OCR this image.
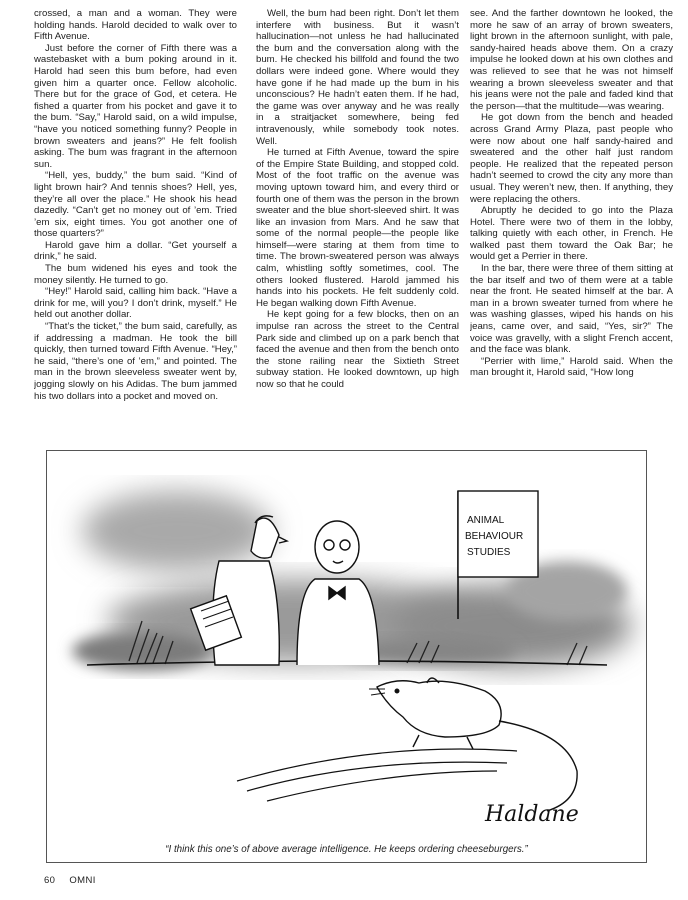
crossed, a man and a woman. They were holding hands. Harold decided to walk over to Fifth Avenue.

Just before the corner of Fifth there was a wastebasket with a bum poking around in it. Harold had seen this bum before, had even given him a quarter once. Fellow alcoholic. There but for the grace of God, et cetera. He fished a quarter from his pocket and gave it to the bum. “Say,” Harold said, on a wild impulse, “have you noticed something funny? People in brown sweaters and jeans?” He felt foolish asking. The bum was fragrant in the afternoon sun.

“Hell, yes, buddy,” the bum said. “Kind of light brown hair? And tennis shoes? Hell, yes, they’re all over the place.” He shook his head dazedly. “Can’t get no money out of ’em. Tried ’em six, eight times. You got another one of those quarters?”

Harold gave him a dollar. “Get yourself a drink,” he said.

The bum widened his eyes and took the money silently. He turned to go.

“Hey!” Harold said, calling him back. “Have a drink for me, will you? I don’t drink, myself.” He held out another dollar.

“That’s the ticket,” the bum said, carefully, as if addressing a madman. He took the bill quickly, then turned toward Fifth Avenue. “Hey,” he said, “there’s one of ’em,” and pointed. The man in the brown sleeveless sweater went by, jogging slowly on his Adidas. The bum jammed his two dollars into a pocket and moved on.

Well, the bum had been right. Don’t let them interfere with business. But it wasn’t hallucination—not unless he had hallucinated the bum and the conversation along with the bum. He checked his billfold and found the two dollars were indeed gone. Where would they have gone if he had made up the bum in his unconscious? He hadn’t eaten them. If he had, the game was over anyway and he was really in a straitjacket somewhere, being fed intravenously, while somebody took notes. Well.

He turned at Fifth Avenue, toward the spire of the Empire State Building, and stopped cold. Most of the foot traffic on the avenue was moving uptown toward him, and every third or fourth one of them was the person in the brown sweater and the blue short-sleeved shirt. It was like an invasion from Mars. And he saw that some of the normal people—the people like himself—were staring at them from time to time. The brown-sweatered person was always calm, whistling softly sometimes, cool. The others looked flustered. Harold jammed his hands into his pockets. He felt suddenly cold. He began walking down Fifth Avenue.

He kept going for a few blocks, then on an impulse ran across the street to the Central Park side and climbed up on a park bench that faced the avenue and then from the bench onto the stone railing near the Sixtieth Street subway station. He looked downtown, up high now so that he could

see. And the farther downtown he looked, the more he saw of an array of brown sweaters, light brown in the afternoon sunlight, with pale, sandy-haired heads above them. On a crazy impulse he looked down at his own clothes and was relieved to see that he was not himself wearing a brown sleeveless sweater and that his jeans were not the pale and faded kind that the person—that the multitude—was wearing.

He got down from the bench and headed across Grand Army Plaza, past people who were now about one half sandy-haired and sweatered and the other half just random people. He realized that the repeated person hadn’t seemed to crowd the city any more than usual. They weren’t new, then. If anything, they were replacing the others.

Abruptly he decided to go into the Plaza Hotel. There were two of them in the lobby, talking quietly with each other, in French. He walked past them toward the Oak Bar; he would get a Perrier in there.

In the bar, there were three of them sitting at the bar itself and two of them were at a table near the front. He seated himself at the bar. A man in a brown sweater turned from where he was washing glasses, wiped his hands on his jeans, came over, and said, “Yes, sir?” The voice was gravelly, with a slight French accent, and the face was blank.

“Perrier with lime,” Harold said. When the man brought it, Harold said, “How long

ANIMAL
BEHAVIOUR
STUDIES
Haldane
“I think this one’s of above average intelligence. He keeps ordering cheeseburgers.”
60 OMNI
